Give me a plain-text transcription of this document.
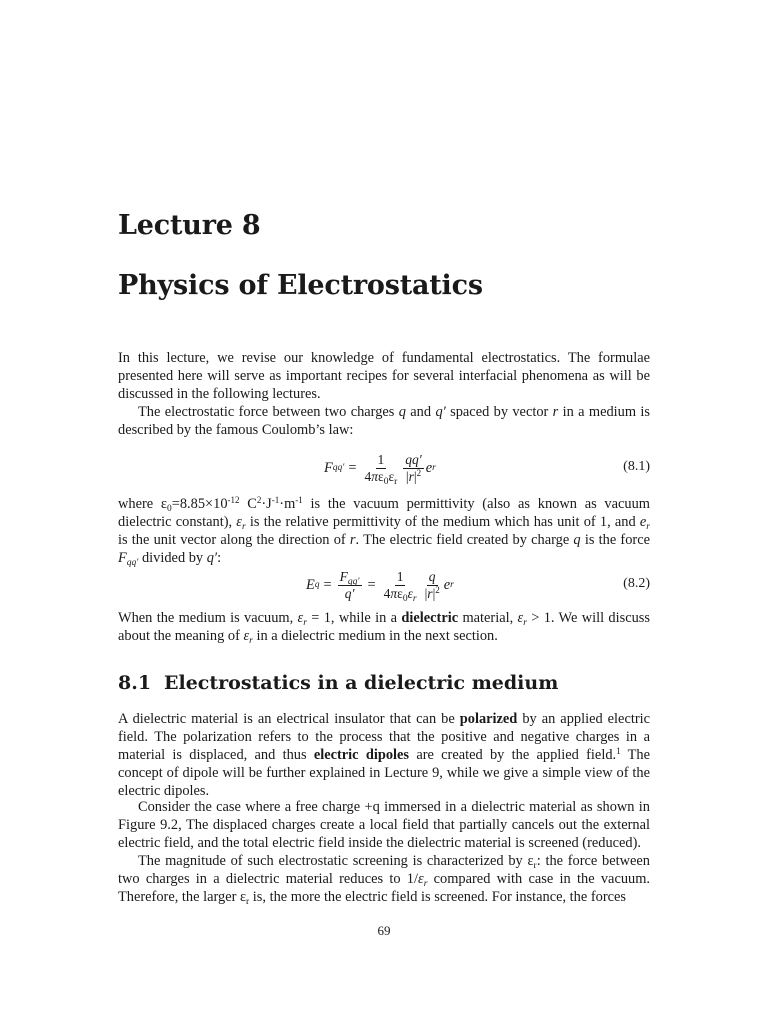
Lecture 8
Physics of Electrostatics

In this lecture, we revise our knowledge of fundamental electrostatics. The formulae presented here will serve as important recipes for several interfacial phenomena as will be discussed in the following lectures.

The electrostatic force between two charges q and q′ spaced by vector r in a medium is described by the famous Coulomb’s law:

F $qq' = \frac{1}{4\pi\varepsilon_0\varepsilon_r} \frac{qq'}{|r|^2}$ e r	(8.1)

where $\varepsilon_0=8.85\times 10^{-12}$ $C^2\cdot J^{-1}\cdot m^{-1}$ is the vacuum permittivity (also as known as vacuum dielectric constant), $\varepsilon_r$ is the relative permittivity of the medium which has unit of 1, and $e_r$ is the unit vector along the direction of r. The electric field created by charge q is the force $F_{qq'}$ divided by q′:

E $q = \frac{F_{qq'}}{q'} = \frac{1}{4\pi\varepsilon_0\varepsilon_r} \frac{q}{|r|^2}$ e r	(8.2)

When the medium is vacuum, $\varepsilon_r = 1$, while in a dielectric material, $\varepsilon_r > 1$. We will discuss about the meaning of $\varepsilon_r$ in a dielectric medium in the next section.

8.1 Electrostatics in a dielectric medium

A dielectric material is an electrical insulator that can be polarized by an applied electric field. The polarization refers to the process that the positive and negative charges in a material is displaced, and thus electric dipoles are created by the applied field.$^1$ The concept of dipole will be further explained in Lecture 9, while we give a simple view of the electric dipoles.

Consider the case where a free charge +q immersed in a dielectric material as shown in Figure 9.2, The displaced charges create a local field that partially cancels out the external electric field, and the total electric field inside the dielectric material is screened (reduced).

The magnitude of such electrostatic screening is characterized by $\varepsilon_r$: the force between two charges in a dielectric material reduces to $1/\varepsilon_r$ compared with case in the vacuum. Therefore, the larger $\varepsilon_r$ is, the more the electric field is screened. For instance, the forces

69
